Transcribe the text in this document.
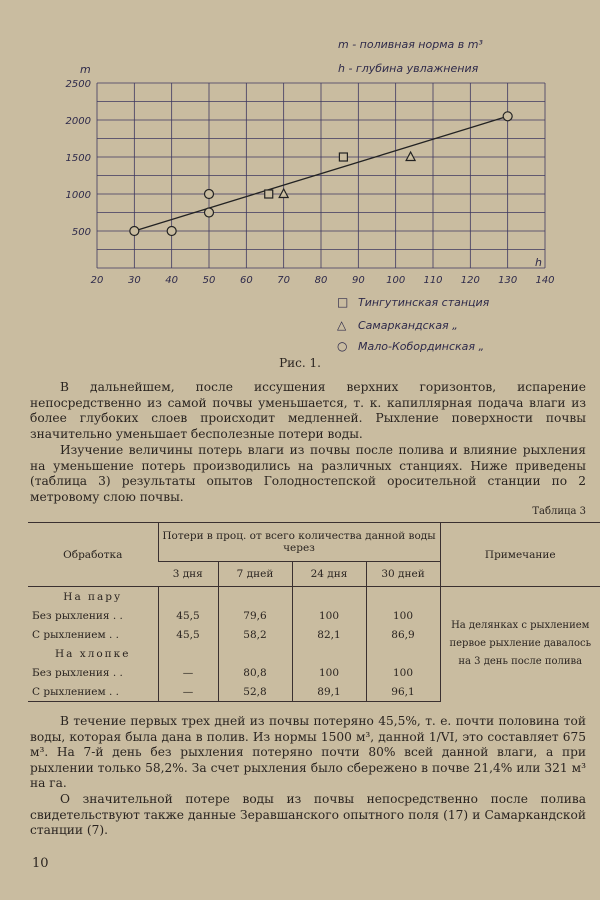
20 30 40 50 60 70 80 90 100 110 120 130 140
500
1000
1500
2000
2500
m
h
m - поливная норма в m³
h - глубина увлажнения
□ Тингутинская станция
△ Самаркандская „
○ Мало-Кобординская „
Рис. 1.

В дальнейшем, после иссушения верхних горизонтов, испарение непосредственно из самой почвы уменьшается, т. к. капиллярная подача влаги из более глубоких слоев происходит медленней. Рыхление поверхности почвы значительно уменьшает бесполезные потери воды.

Изучение величины потерь влаги из почвы после полива и влияние рыхления на уменьшение потерь производились на различных станциях. Ниже приведены (таблица 3) результаты опытов Голодностепской оросительной станции по 2 метровому слою почвы.

Таблица 3
Обработка	Потери в проц. от всего количества данной воды через				Примечание
	3 дня	7 дней	24 дня	30 дней	
На пару					На делянках с рыхлением
первое рыхление давалось
на 3 день после полива

Без рыхления . .	45,5	79,6	100	100	
С рыхлением . .	45,5	58,2	82,1	86,9	
На хлопке					
Без рыхления . .	—	80,8	100	100	
С рыхлением . .	—	52,8	89,1	96,1	

В течение первых трех дней из почвы потеряно 45,5%, т. е. почти половина той воды, которая была дана в полив. Из нормы 1500 м³, данной 1/VI, это составляет 675 м³. На 7-й день без рыхления потеряно почти 80% всей данной влаги, а при рыхлении только 58,2%. За счет рыхления было сбережено в почве 21,4% или 321 м³ на га.

О значительной потере воды из почвы непосредственно после полива свидетельствуют также данные Зеравшанского опытного поля (17) и Самаркандской станции (7).

10
